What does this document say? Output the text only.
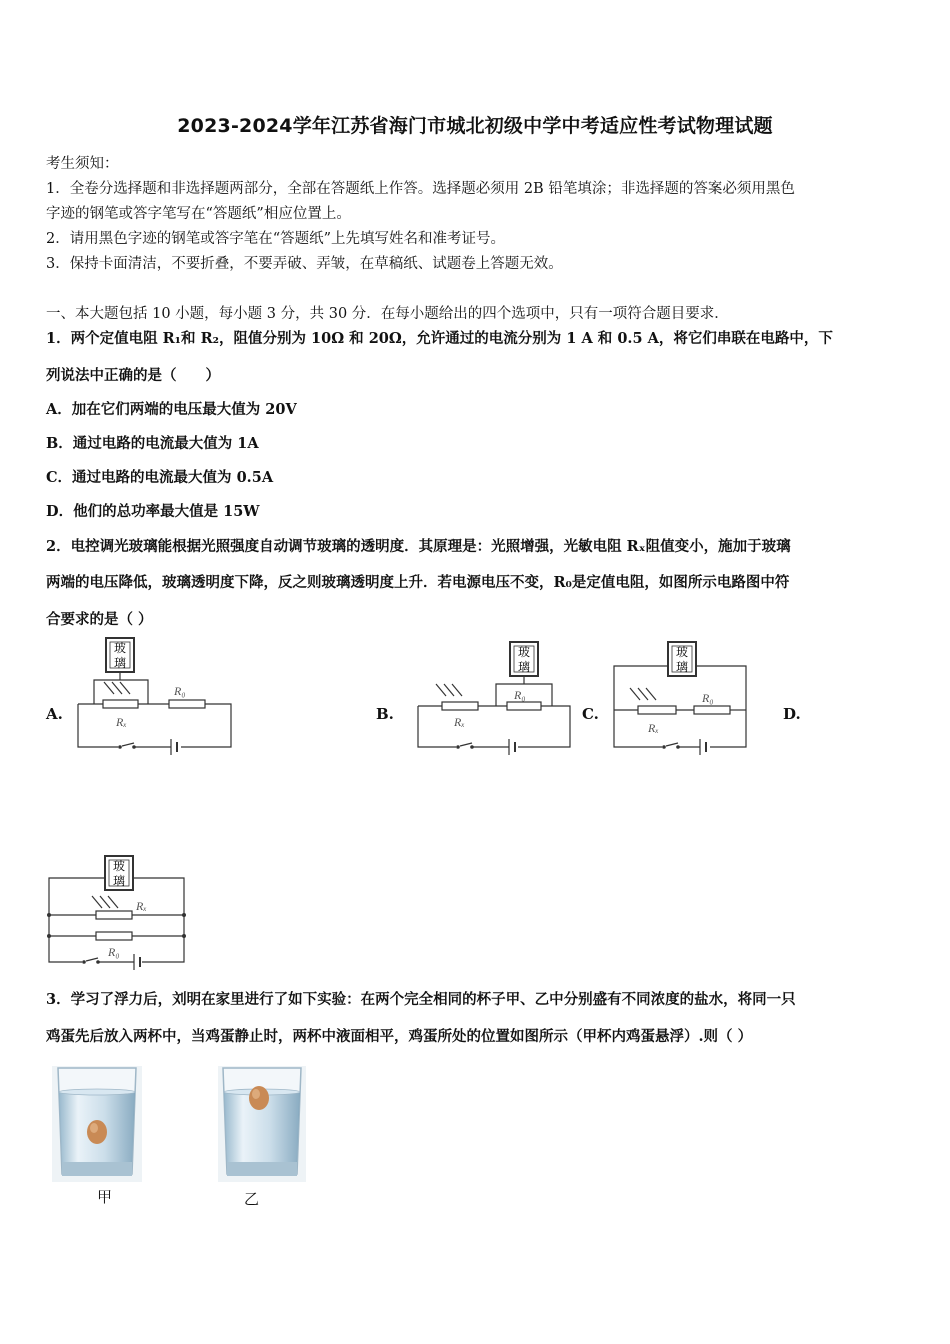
2023-2024学年江苏省海门市城北初级中学中考适应性考试物理试题
考生须知：
1．全卷分选择题和非选择题两部分，全部在答题纸上作答。选择题必须用 2B 铅笔填涂；非选择题的答案必须用黑色
字迹的钢笔或答字笔写在“答题纸”相应位置上。
2．请用黑色字迹的钢笔或答字笔在“答题纸”上先填写姓名和准考证号。
3．保持卡面清洁，不要折叠，不要弄破、弄皱，在草稿纸、试题卷上答题无效。
一、本大题包括 10 小题，每小题 3 分，共 30 分．在每小题给出的四个选项中，只有一项符合题目要求．
1．两个定值电阻 R₁和 R₂，阻值分别为 10Ω 和 20Ω，允许通过的电流分别为 1 A 和 0.5 A，将它们串联在电路中，下
列说法中正确的是（　　）
A．加在它们两端的电压最大值为 20V
B．通过电路的电流最大值为 1A
C．通过电路的电流最大值为 0.5A
D．他们的总功率最大值是 15W
2．电控调光玻璃能根据光照强度自动调节玻璃的透明度．其原理是：光照增强，光敏电阻 Rₓ阻值变小，施加于玻璃
两端的电压降低，玻璃透明度下降，反之则玻璃透明度上升．若电源电压不变，R₀是定值电阻，如图所示电路图中符
合要求的是（ ）
A.	B.	C.	D.
玻
璃
R₀
Rₓ
玻
璃
R₀
Rₓ
玻
璃
R₀
Rₓ
玻
璃
Rₓ
R₀
3．学习了浮力后，刘明在家里进行了如下实验：在两个完全相同的杯子甲、乙中分别盛有不同浓度的盐水，将同一只
鸡蛋先后放入两杯中，当鸡蛋静止时，两杯中液面相平，鸡蛋所处的位置如图所示（甲杯内鸡蛋悬浮）.则（ ）
甲	乙
